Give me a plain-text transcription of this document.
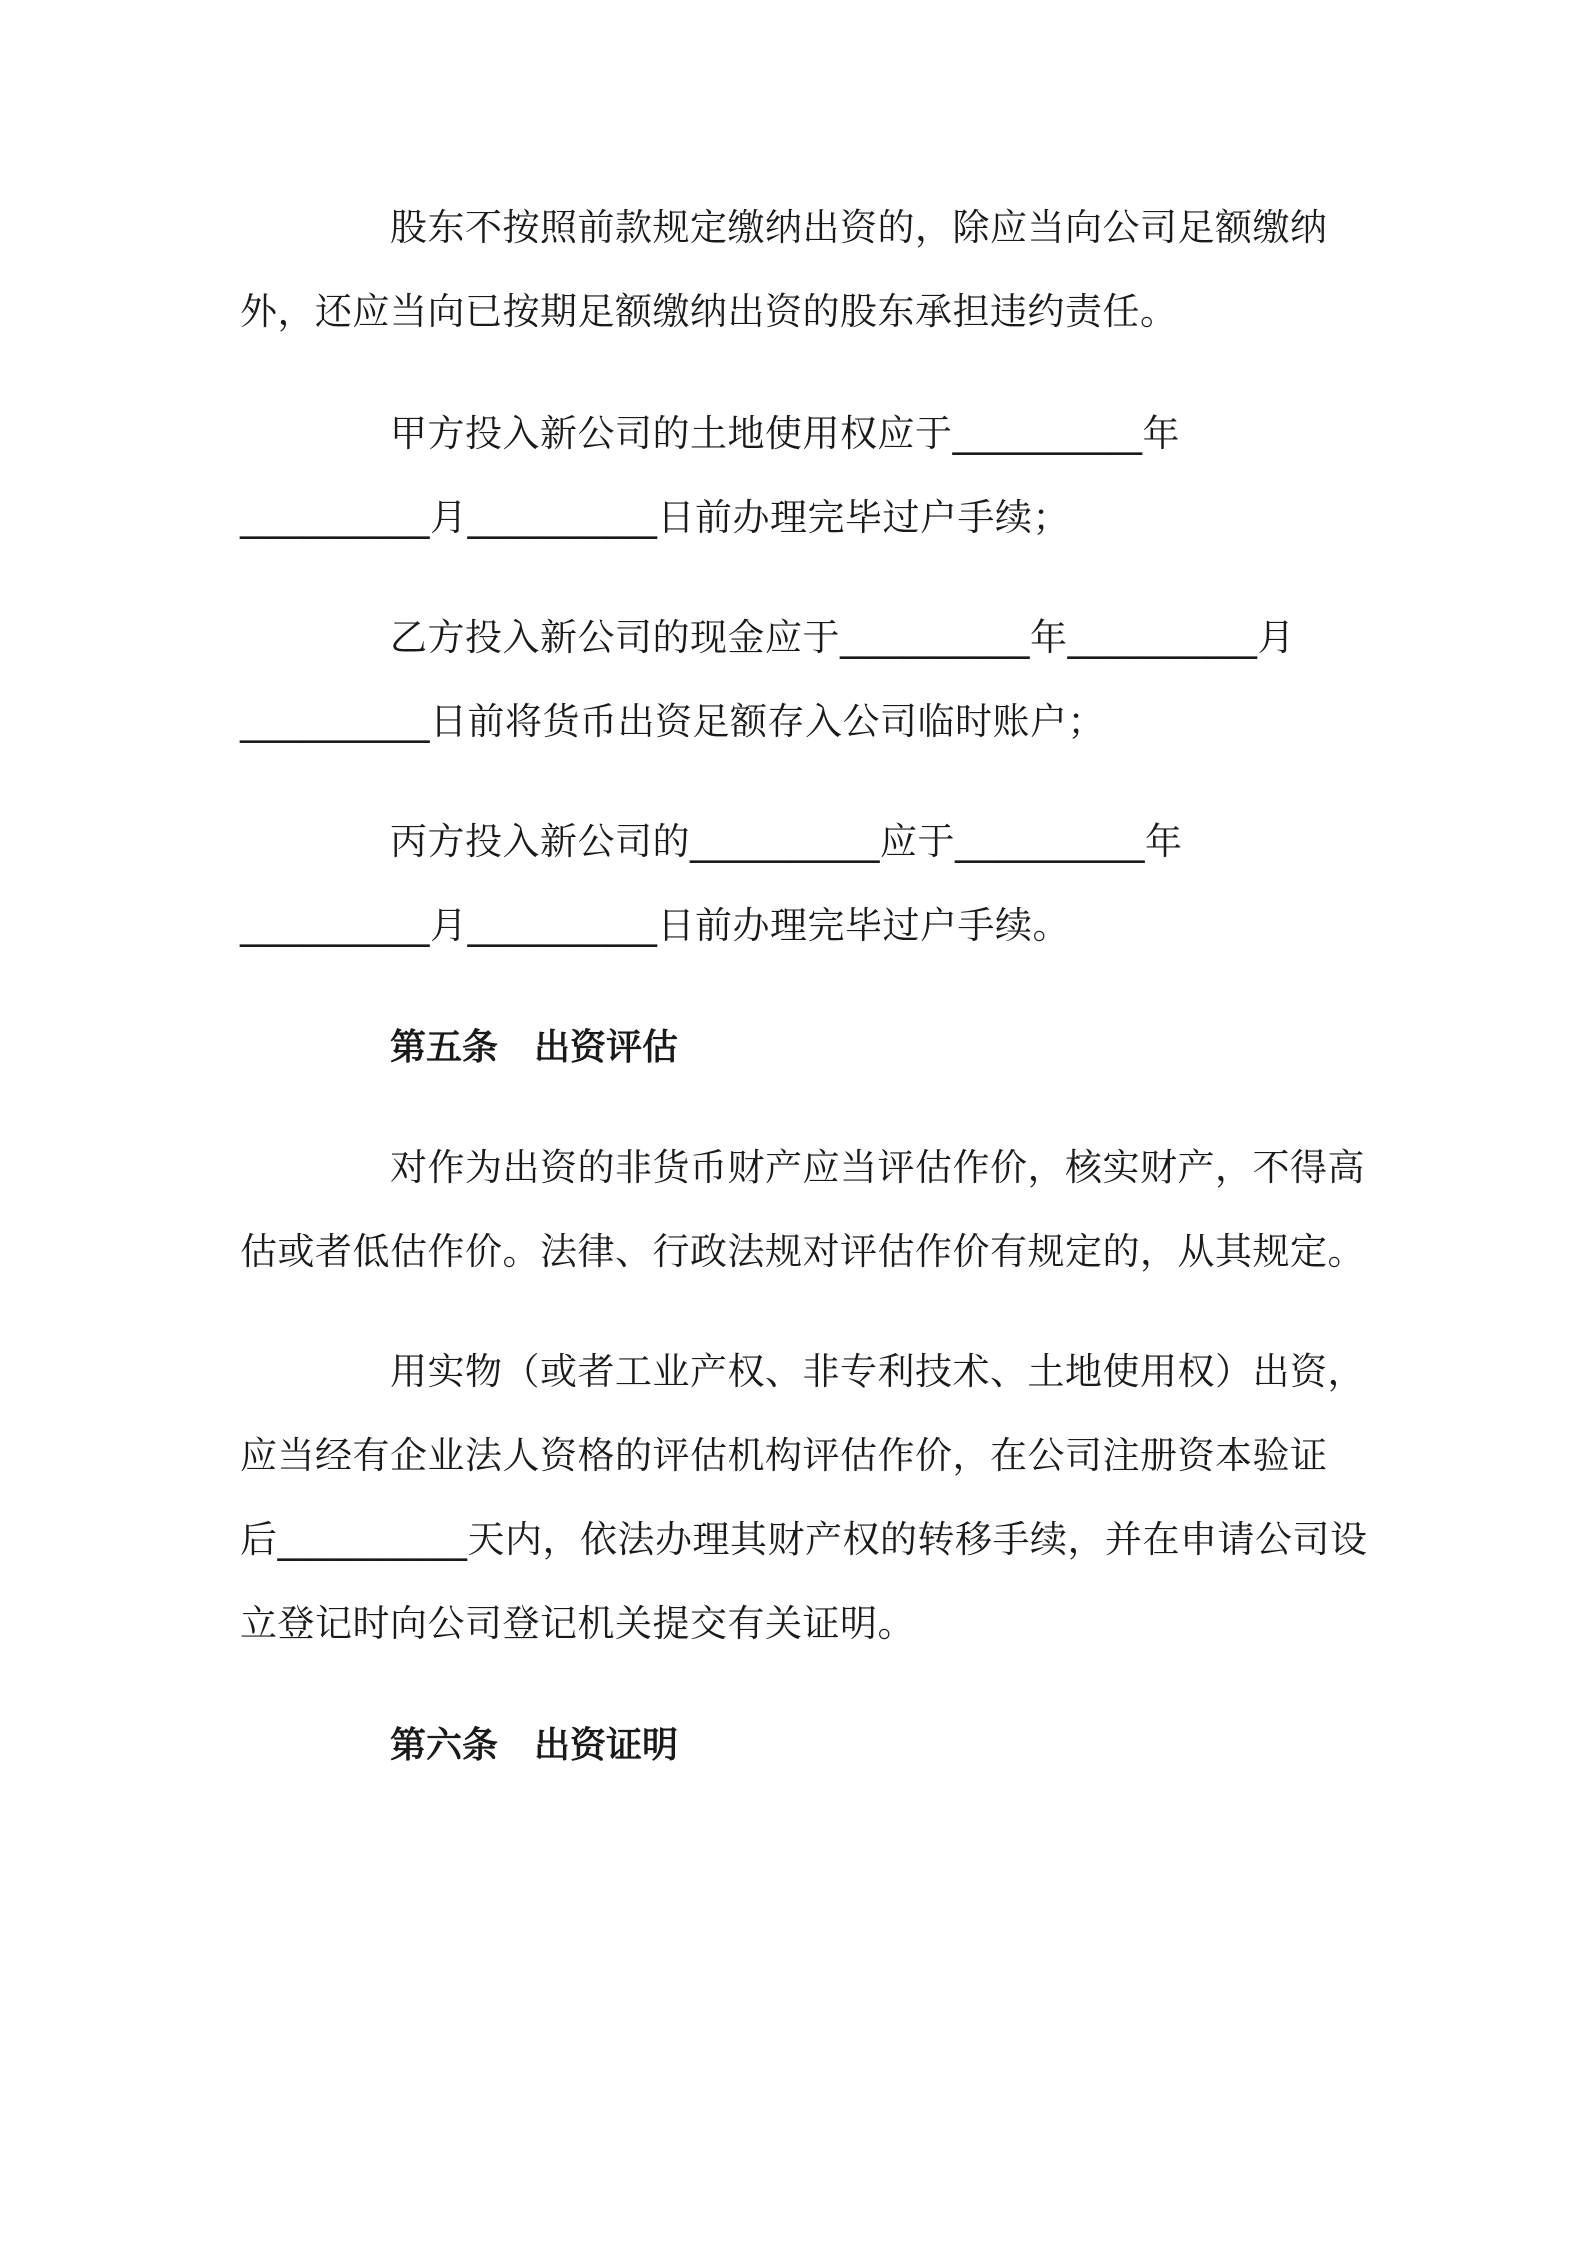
股东不按照前款规定缴纳出资的，除应当向公司足额缴纳
外，还应当向已按期足额缴纳出资的股东承担违约责任。
甲方投入新公司的土地使用权应于__________年
__________月__________日前办理完毕过户手续；
乙方投入新公司的现金应于__________年__________月
__________日前将货币出资足额存入公司临时账户；
丙方投入新公司的__________应于__________年
__________月__________日前办理完毕过户手续。
第五条　出资评估
对作为出资的非货币财产应当评估作价，核实财产，不得高
估或者低估作价。法律、行政法规对评估作价有规定的，从其规定。
用实物（或者工业产权、非专利技术、土地使用权）出资，
应当经有企业法人资格的评估机构评估作价，在公司注册资本验证
后__________天内，依法办理其财产权的转移手续，并在申请公司设
立登记时向公司登记机关提交有关证明。
第六条　出资证明
